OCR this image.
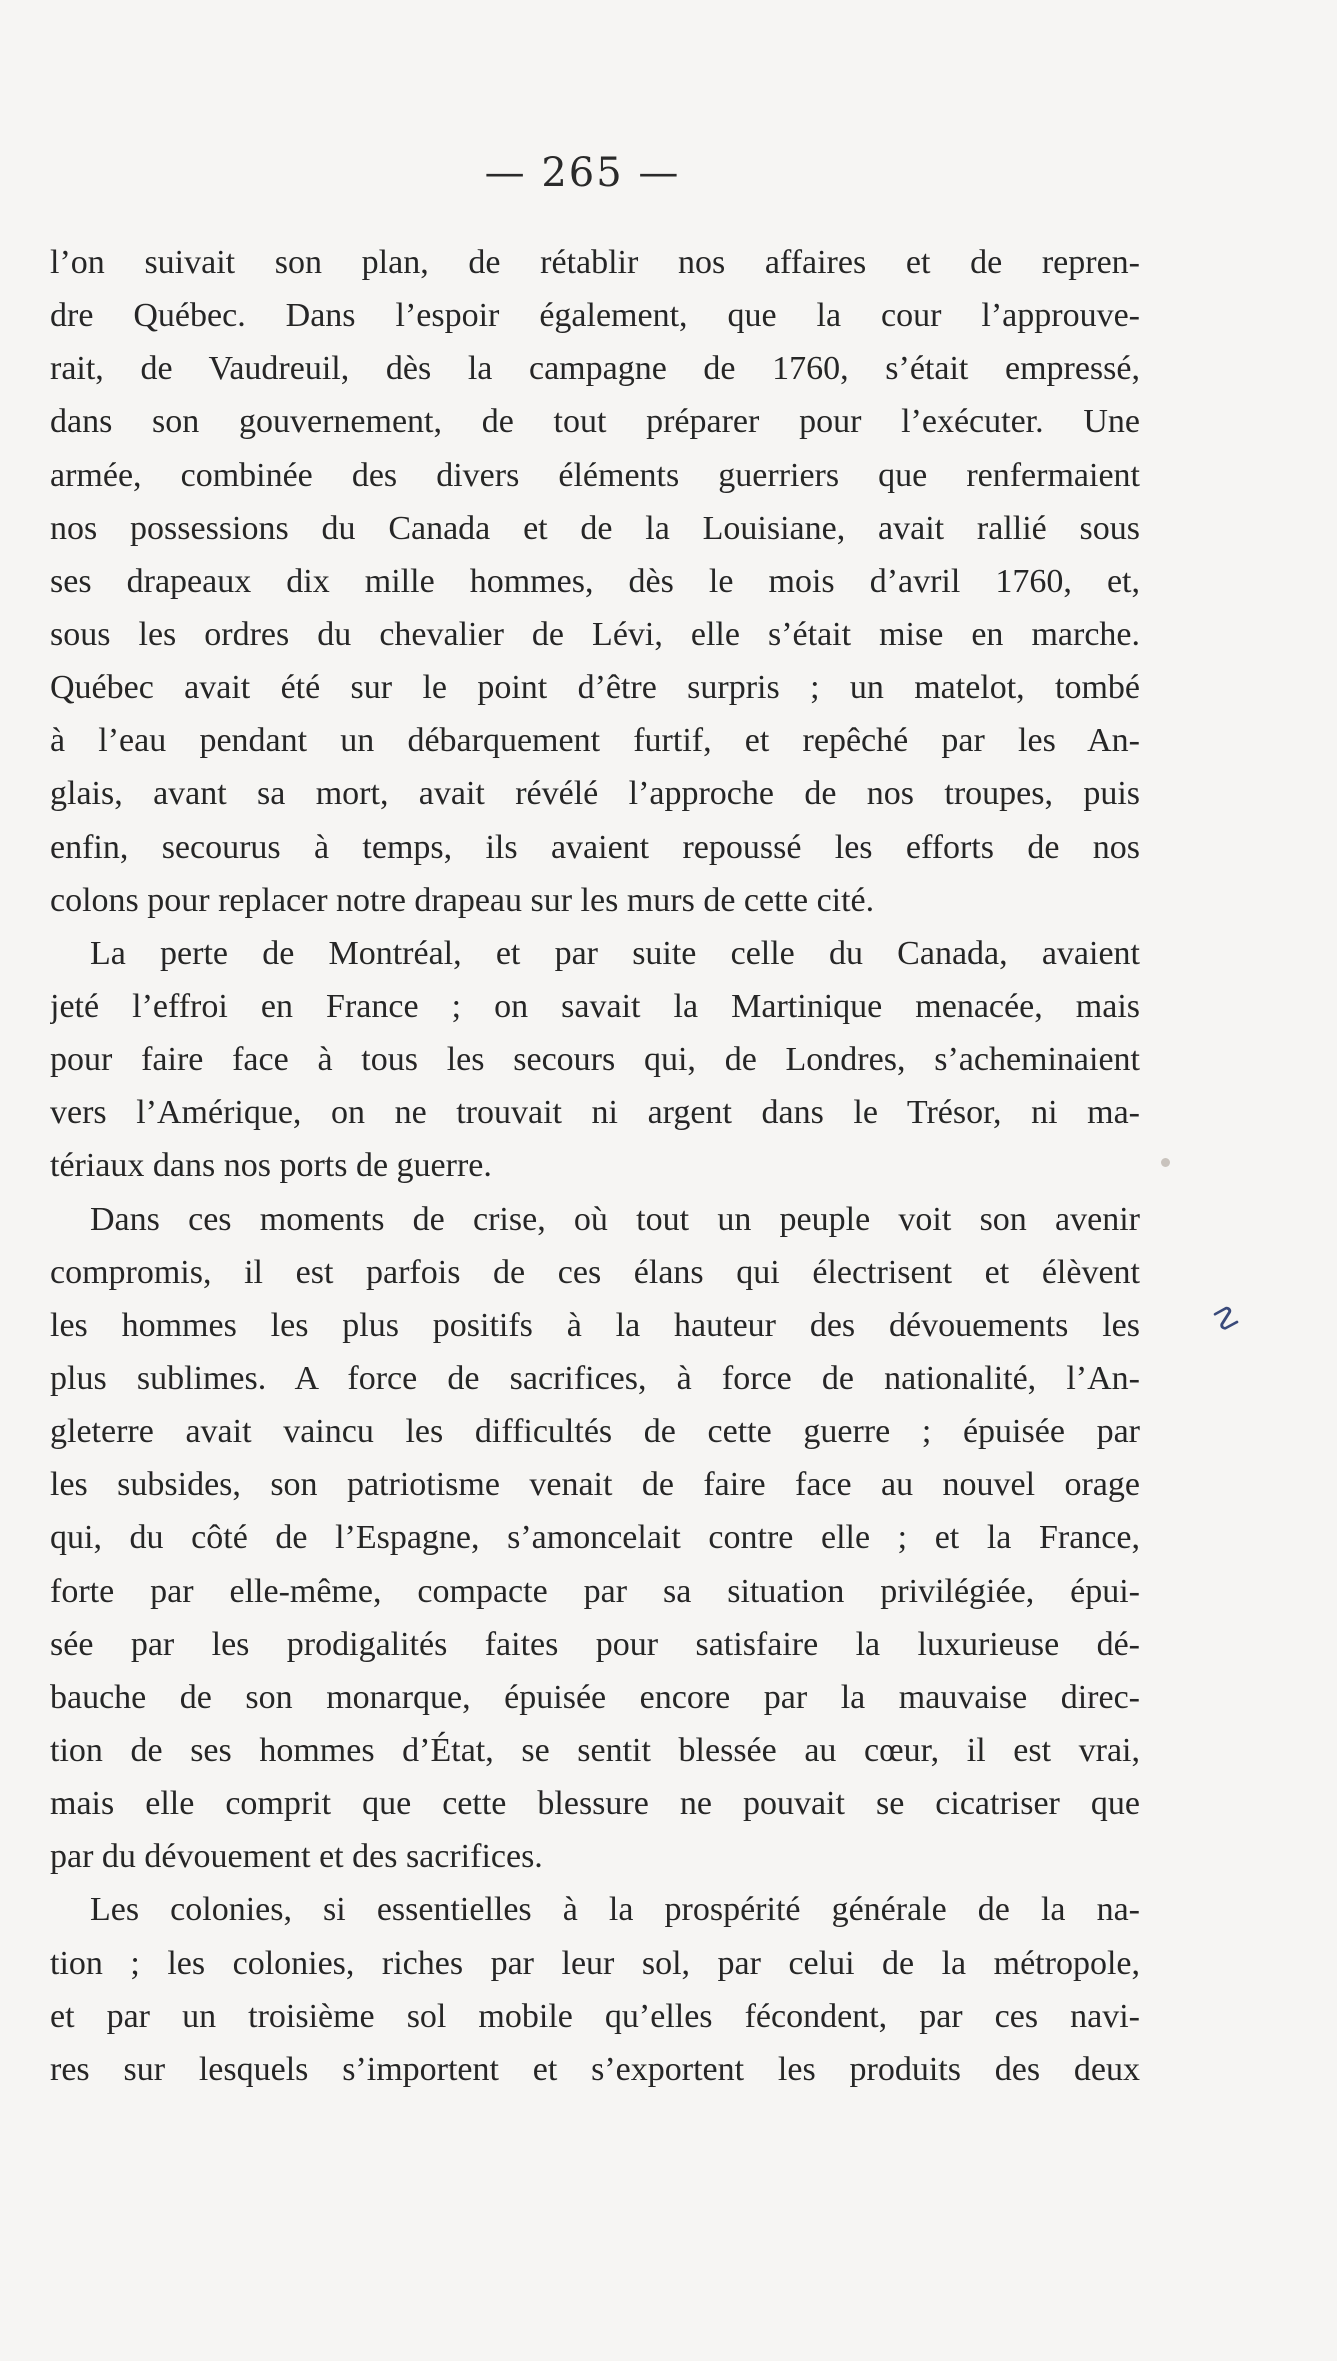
— 265 —

l’on suivait son plan, de rétablir nos affaires et de repren-
dre Québec. Dans l’espoir également, que la cour l’approuve-
rait, de Vaudreuil, dès la campagne de 1760, s’était empressé,
dans son gouvernement, de tout préparer pour l’exécuter. Une
armée, combinée des divers éléments guerriers que renfermaient
nos possessions du Canada et de la Louisiane, avait rallié sous
ses drapeaux dix mille hommes, dès le mois d’avril 1760, et,
sous les ordres du chevalier de Lévi, elle s’était mise en marche.
Québec avait été sur le point d’être surpris ; un matelot, tombé
à l’eau pendant un débarquement furtif, et repêché par les An-
glais, avant sa mort, avait révélé l’approche de nos troupes, puis
enfin, secourus à temps, ils avaient repoussé les efforts de nos
colons pour replacer notre drapeau sur les murs de cette cité.
La perte de Montréal, et par suite celle du Canada, avaient
jeté l’effroi en France ; on savait la Martinique menacée, mais
pour faire face à tous les secours qui, de Londres, s’acheminaient
vers l’Amérique, on ne trouvait ni argent dans le Trésor, ni ma-
tériaux dans nos ports de guerre.
Dans ces moments de crise, où tout un peuple voit son avenir
compromis, il est parfois de ces élans qui électrisent et élèvent
les hommes les plus positifs à la hauteur des dévouements les
plus sublimes. A force de sacrifices, à force de nationalité, l’An-
gleterre avait vaincu les difficultés de cette guerre ; épuisée par
les subsides, son patriotisme venait de faire face au nouvel orage
qui, du côté de l’Espagne, s’amoncelait contre elle ; et la France,
forte par elle-même, compacte par sa situation privilégiée, épui-
sée par les prodigalités faites pour satisfaire la luxurieuse dé-
bauche de son monarque, épuisée encore par la mauvaise direc-
tion de ses hommes d’État, se sentit blessée au cœur, il est vrai,
mais elle comprit que cette blessure ne pouvait se cicatriser que
par du dévouement et des sacrifices.
Les colonies, si essentielles à la prospérité générale de la na-
tion ; les colonies, riches par leur sol, par celui de la métropole,
et par un troisième sol mobile qu’elles fécondent, par ces navi-
res sur lesquels s’importent et s’exportent les produits des deux
☡
